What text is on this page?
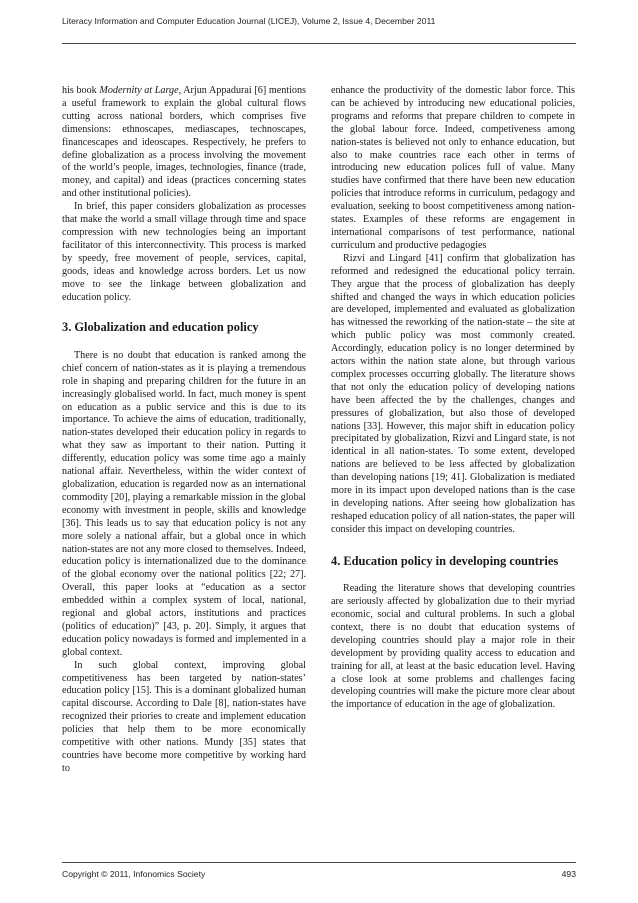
Literacy Information and Computer Education Journal (LICEJ), Volume 2, Issue 4, December 2011

his book Modernity at Large, Arjun Appadurai [6] mentions a useful framework to explain the global cultural flows cutting across national borders, which comprises five dimensions: ethnoscapes, mediascapes, technoscapes, financescapes and ideoscapes. Respectively, he prefers to define globalization as a process involving the movement of the world’s people, images, technologies, finance (trade, money, and capital) and ideas (practices concerning states and other institutional policies).

In brief, this paper considers globalization as processes that make the world a small village through time and space compression with new technologies being an important facilitator of this interconnectivity. This process is marked by speedy, free movement of people, services, capital, goods, ideas and knowledge across borders. Let us now move to see the linkage between globalization and education policy.

3. Globalization and education policy

There is no doubt that education is ranked among the chief concern of nation-states as it is playing a tremendous role in shaping and preparing children for the future in an increasingly globalised world. In fact, much money is spent on education as a public service and this is due to its importance. To achieve the aims of education, traditionally, nation-states developed their education policy in regards to what they saw as important to their nation. Putting it differently, education policy was some time ago a mainly national affair. Nevertheless, within the wider context of globalization, education is regarded now as an international commodity [20], playing a remarkable mission in the global economy with investment in people, skills and knowledge [36]. This leads us to say that education policy is not any more solely a national affair, but a global once in which nation-states are not any more closed to themselves. Indeed, education policy is internationalized due to the dominance of the global economy over the national politics [22; 27]. Overall, this paper looks at “education as a sector embedded within a complex system of local, national, regional and global actors, institutions and practices (politics of education)” [43, p. 20]. Simply, it argues that education policy nowadays is formed and implemented in a global context.

In such global context, improving global competitiveness has been targeted by nation-states’ education policy [15]. This is a dominant globalized human capital discourse. According to Dale [8], nation-states have recognized their priories to create and implement education policies that help them to be more economically competitive with other nations. Mundy [35] states that countries have become more competitive by working hard to

enhance the productivity of the domestic labor force. This can be achieved by introducing new educational policies, programs and reforms that prepare children to compete in the global labour force. Indeed, competiveness among nation-states is believed not only to enhance education, but also to make countries race each other in terms of introducing new education polices full of value. Many studies have confirmed that there have been new education policies that introduce reforms in curriculum, pedagogy and evaluation, seeking to boost competitiveness among nation-states. Examples of these reforms are engagement in international comparisons of test performance, national curriculum and productive pedagogies

Rizvi and Lingard [41] confirm that globalization has reformed and redesigned the educational policy terrain. They argue that the process of globalization has deeply shifted and changed the ways in which education policies are developed, implemented and evaluated as globalization has witnessed the reworking of the nation-state – the site at which public policy was most commonly created. Accordingly, education policy is no longer determined by actors within the nation state alone, but through various complex processes occurring globally. The literature shows that not only the education policy of developing nations have been affected the by the challenges, changes and pressures of globalization, but also those of developed nations [33]. However, this major shift in education policy precipitated by globalization, Rizvi and Lingard state, is not identical in all nation-states. To some extent, developed nations are believed to be less affected by globalization than developing nations [19; 41]. Globalization is mediated more in its impact upon developed nations than is the case in developing nations. After seeing how globalization has reshaped education policy of all nation-states, the paper will consider this impact on developing countries.

4. Education policy in developing countries

Reading the literature shows that developing countries are seriously affected by globalization due to their myriad economic, social and cultural problems. In such a global context, there is no doubt that education systems of developing countries should play a major role in their development by providing quality access to education and training for all, at least at the basic education level. Having a close look at some problems and challenges facing developing countries will make the picture more clear about the importance of education in the age of globalization.

Copyright © 2011, Infonomics Society	493
